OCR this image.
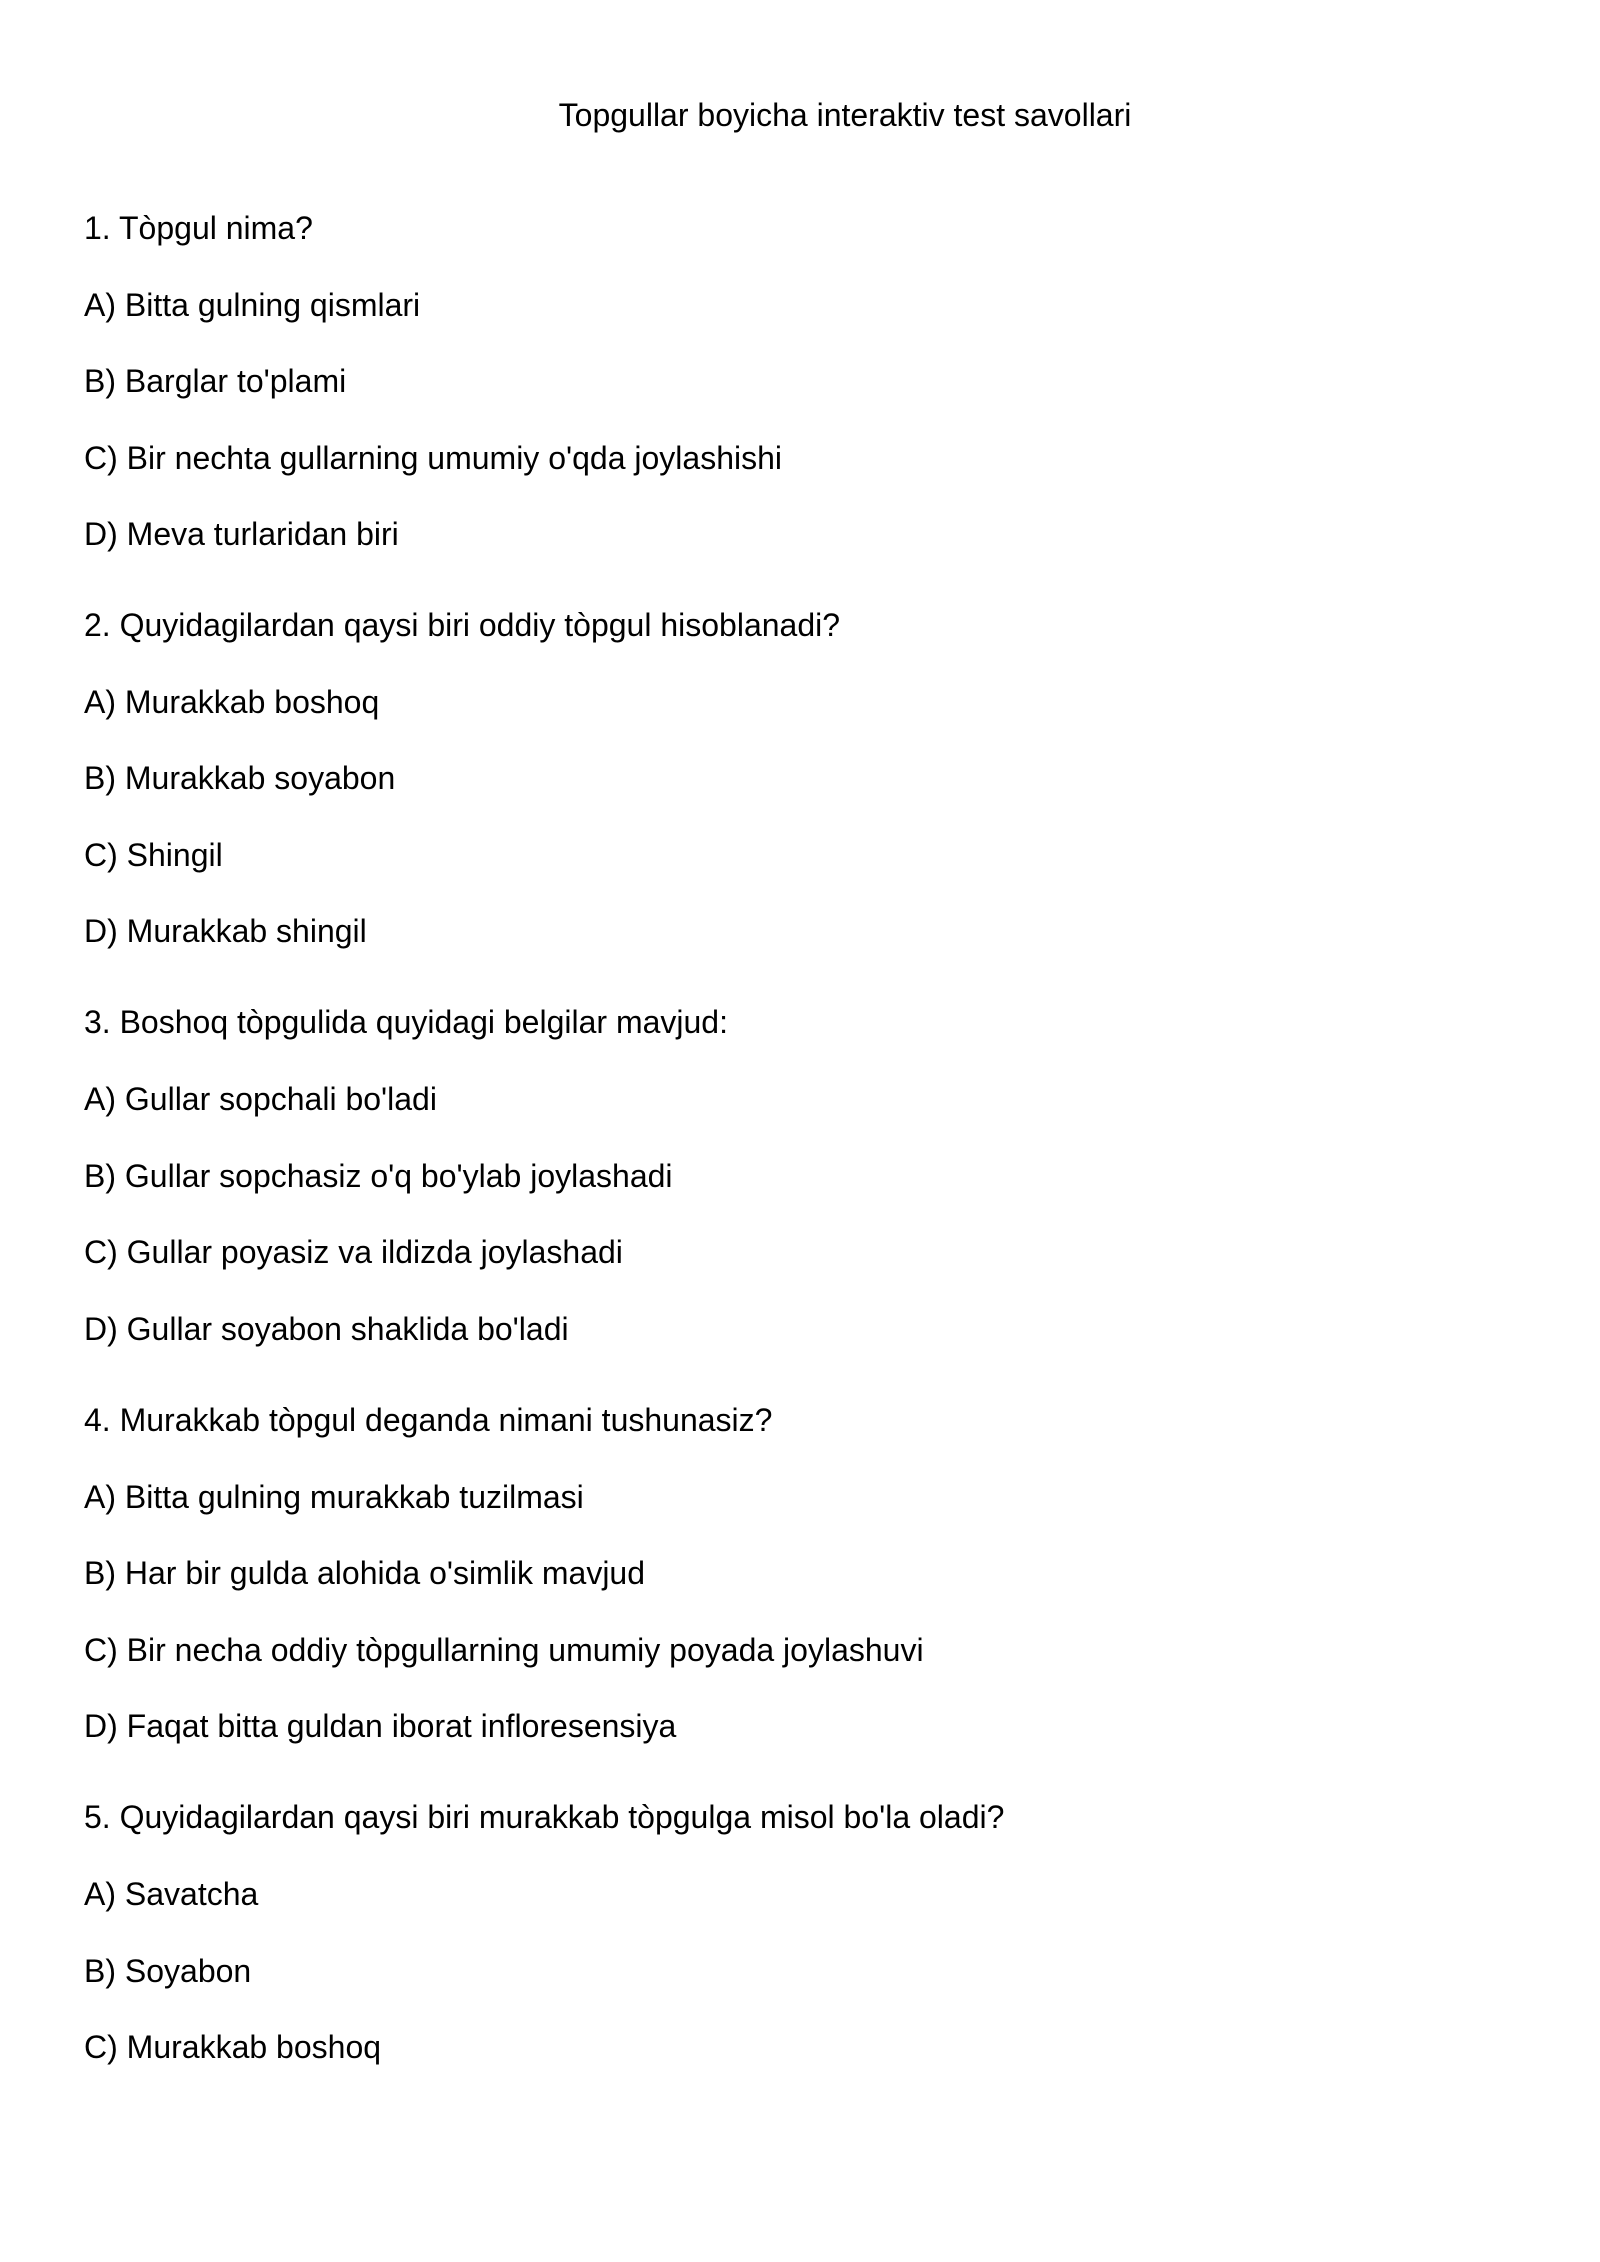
Topgullar boyicha interaktiv test savollari
1. Tòpgul nima?
A) Bitta gulning qismlari
B) Barglar to'plami
C) Bir nechta gullarning umumiy o'qda joylashishi
D) Meva turlaridan biri
2. Quyidagilardan qaysi biri oddiy tòpgul hisoblanadi?
A) Murakkab boshoq
B) Murakkab soyabon
C) Shingil
D) Murakkab shingil
3. Boshoq tòpgulida quyidagi belgilar mavjud:
A) Gullar sopchali bo'ladi
B) Gullar sopchasiz o'q bo'ylab joylashadi
C) Gullar poyasiz va ildizda joylashadi
D) Gullar soyabon shaklida bo'ladi
4. Murakkab tòpgul deganda nimani tushunasiz?
A) Bitta gulning murakkab tuzilmasi
B) Har bir gulda alohida o'simlik mavjud
C) Bir necha oddiy tòpgullarning umumiy poyada joylashuvi
D) Faqat bitta guldan iborat infloresensiya
5. Quyidagilardan qaysi biri murakkab tòpgulga misol bo'la oladi?
A) Savatcha
B) Soyabon
C) Murakkab boshoq
